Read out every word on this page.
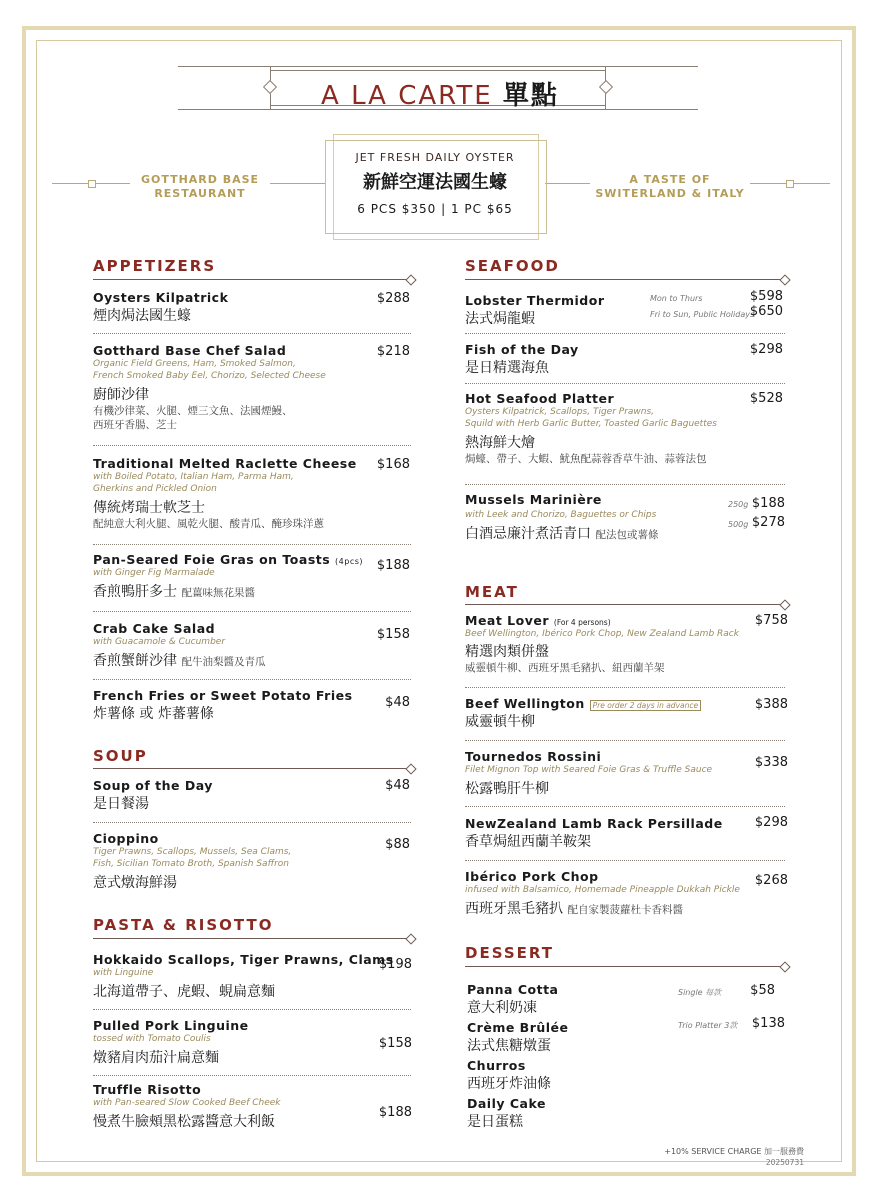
A LA CARTE 單點
GOTTHARD BASE
RESTAURANT
A TASTE OF
SWITERLAND & ITALY
JET FRESH DAILY OYSTER
新鮮空運法國生蠔
6 PCS $350 | 1 PC $65
APPETIZERS
Oysters Kilpatrick
煙肉焗法國生蠔
$288
Gotthard Base Chef Salad
Organic Field Greens, Ham, Smoked Salmon,
French Smoked Baby Eel, Chorizo, Selected Cheese
廚師沙律
有機沙律菜、火腿、煙三文魚、法國煙鰻、
西班牙香腸、芝士
$218
Traditional Melted Raclette Cheese
with Boiled Potato, Italian Ham, Parma Ham,
Gherkins and Pickled Onion
傳統烤瑞士軟芝士
配純意大利火腿、風乾火腿、酸青瓜、醃珍珠洋蔥
$168
Pan-Seared Foie Gras on Toasts (4pcs)
with Ginger Fig Marmalade
香煎鴨肝多士 配薑味無花果醬
$188
Crab Cake Salad
with Guacamole & Cucumber
香煎蟹餅沙律 配牛油梨醬及青瓜
$158
French Fries or Sweet Potato Fries
炸薯條 或 炸蕃薯條
$48
SOUP
Soup of the Day
是日餐湯
$48
Cioppino
Tiger Prawns, Scallops, Mussels, Sea Clams,
Fish, Sicilian Tomato Broth, Spanish Saffron
意式燉海鮮湯
$88
PASTA & RISOTTO
Hokkaido Scallops, Tiger Prawns, Clams
with Linguine
北海道帶子、虎蝦、蜆扁意麵
$198
Pulled Pork Linguine
tossed with Tomato Coulis
燉豬肩肉茄汁扁意麵
$158
Truffle Risotto
with Pan-seared Slow Cooked Beef Cheek
慢煮牛臉頰黑松露醬意大利飯
$188
SEAFOOD
Lobster Thermidor
法式焗龍蝦
Mon to Thurs	$598
Fri to Sun, Public Holidays
$650
Fish of the Day
是日精選海魚
$298
Hot Seafood Platter
Oysters Kilpatrick, Scallops, Tiger Prawns,
Squild with Herb Garlic Butter, Toasted Garlic Baguettes
熱海鮮大燴
焗蠔、帶子、大蝦、魷魚配蒜蓉香草牛油、蒜蓉法包
$528
Mussels Marinière
with Leek and Chorizo, Baguettes or Chips
白酒忌廉汁煮活青口 配法包或薯條
250g $188
500g $278
MEAT
Meat Lover (For 4 persons)
Beef Wellington, Ibérico Pork Chop, New Zealand Lamb Rack
精選肉類併盤
威靈頓牛柳、西班牙黑毛豬扒、紐西蘭羊架
$758
Beef Wellington Pre order 2 days in advance
威靈頓牛柳
$388
Tournedos Rossini
Filet Mignon Top with Seared Foie Gras & Truffle Sauce
松露鴨肝牛柳
$338
NewZealand Lamb Rack Persillade
香草焗紐西蘭羊鞍架
$298
Ibérico Pork Chop
infused with Balsamico, Homemade Pineapple Dukkah Pickle
西班牙黑毛豬扒 配自家製菠蘿杜卡香料醬
$268
DESSERT
Panna Cotta
意大利奶凍
Crème Brûlée
法式焦糖燉蛋
Churros
西班牙炸油條
Daily Cake
是日蛋糕
Single 每款	$58
Trio Platter 3款	$138
+10% SERVICE CHARGE 加一服務費
20250731
